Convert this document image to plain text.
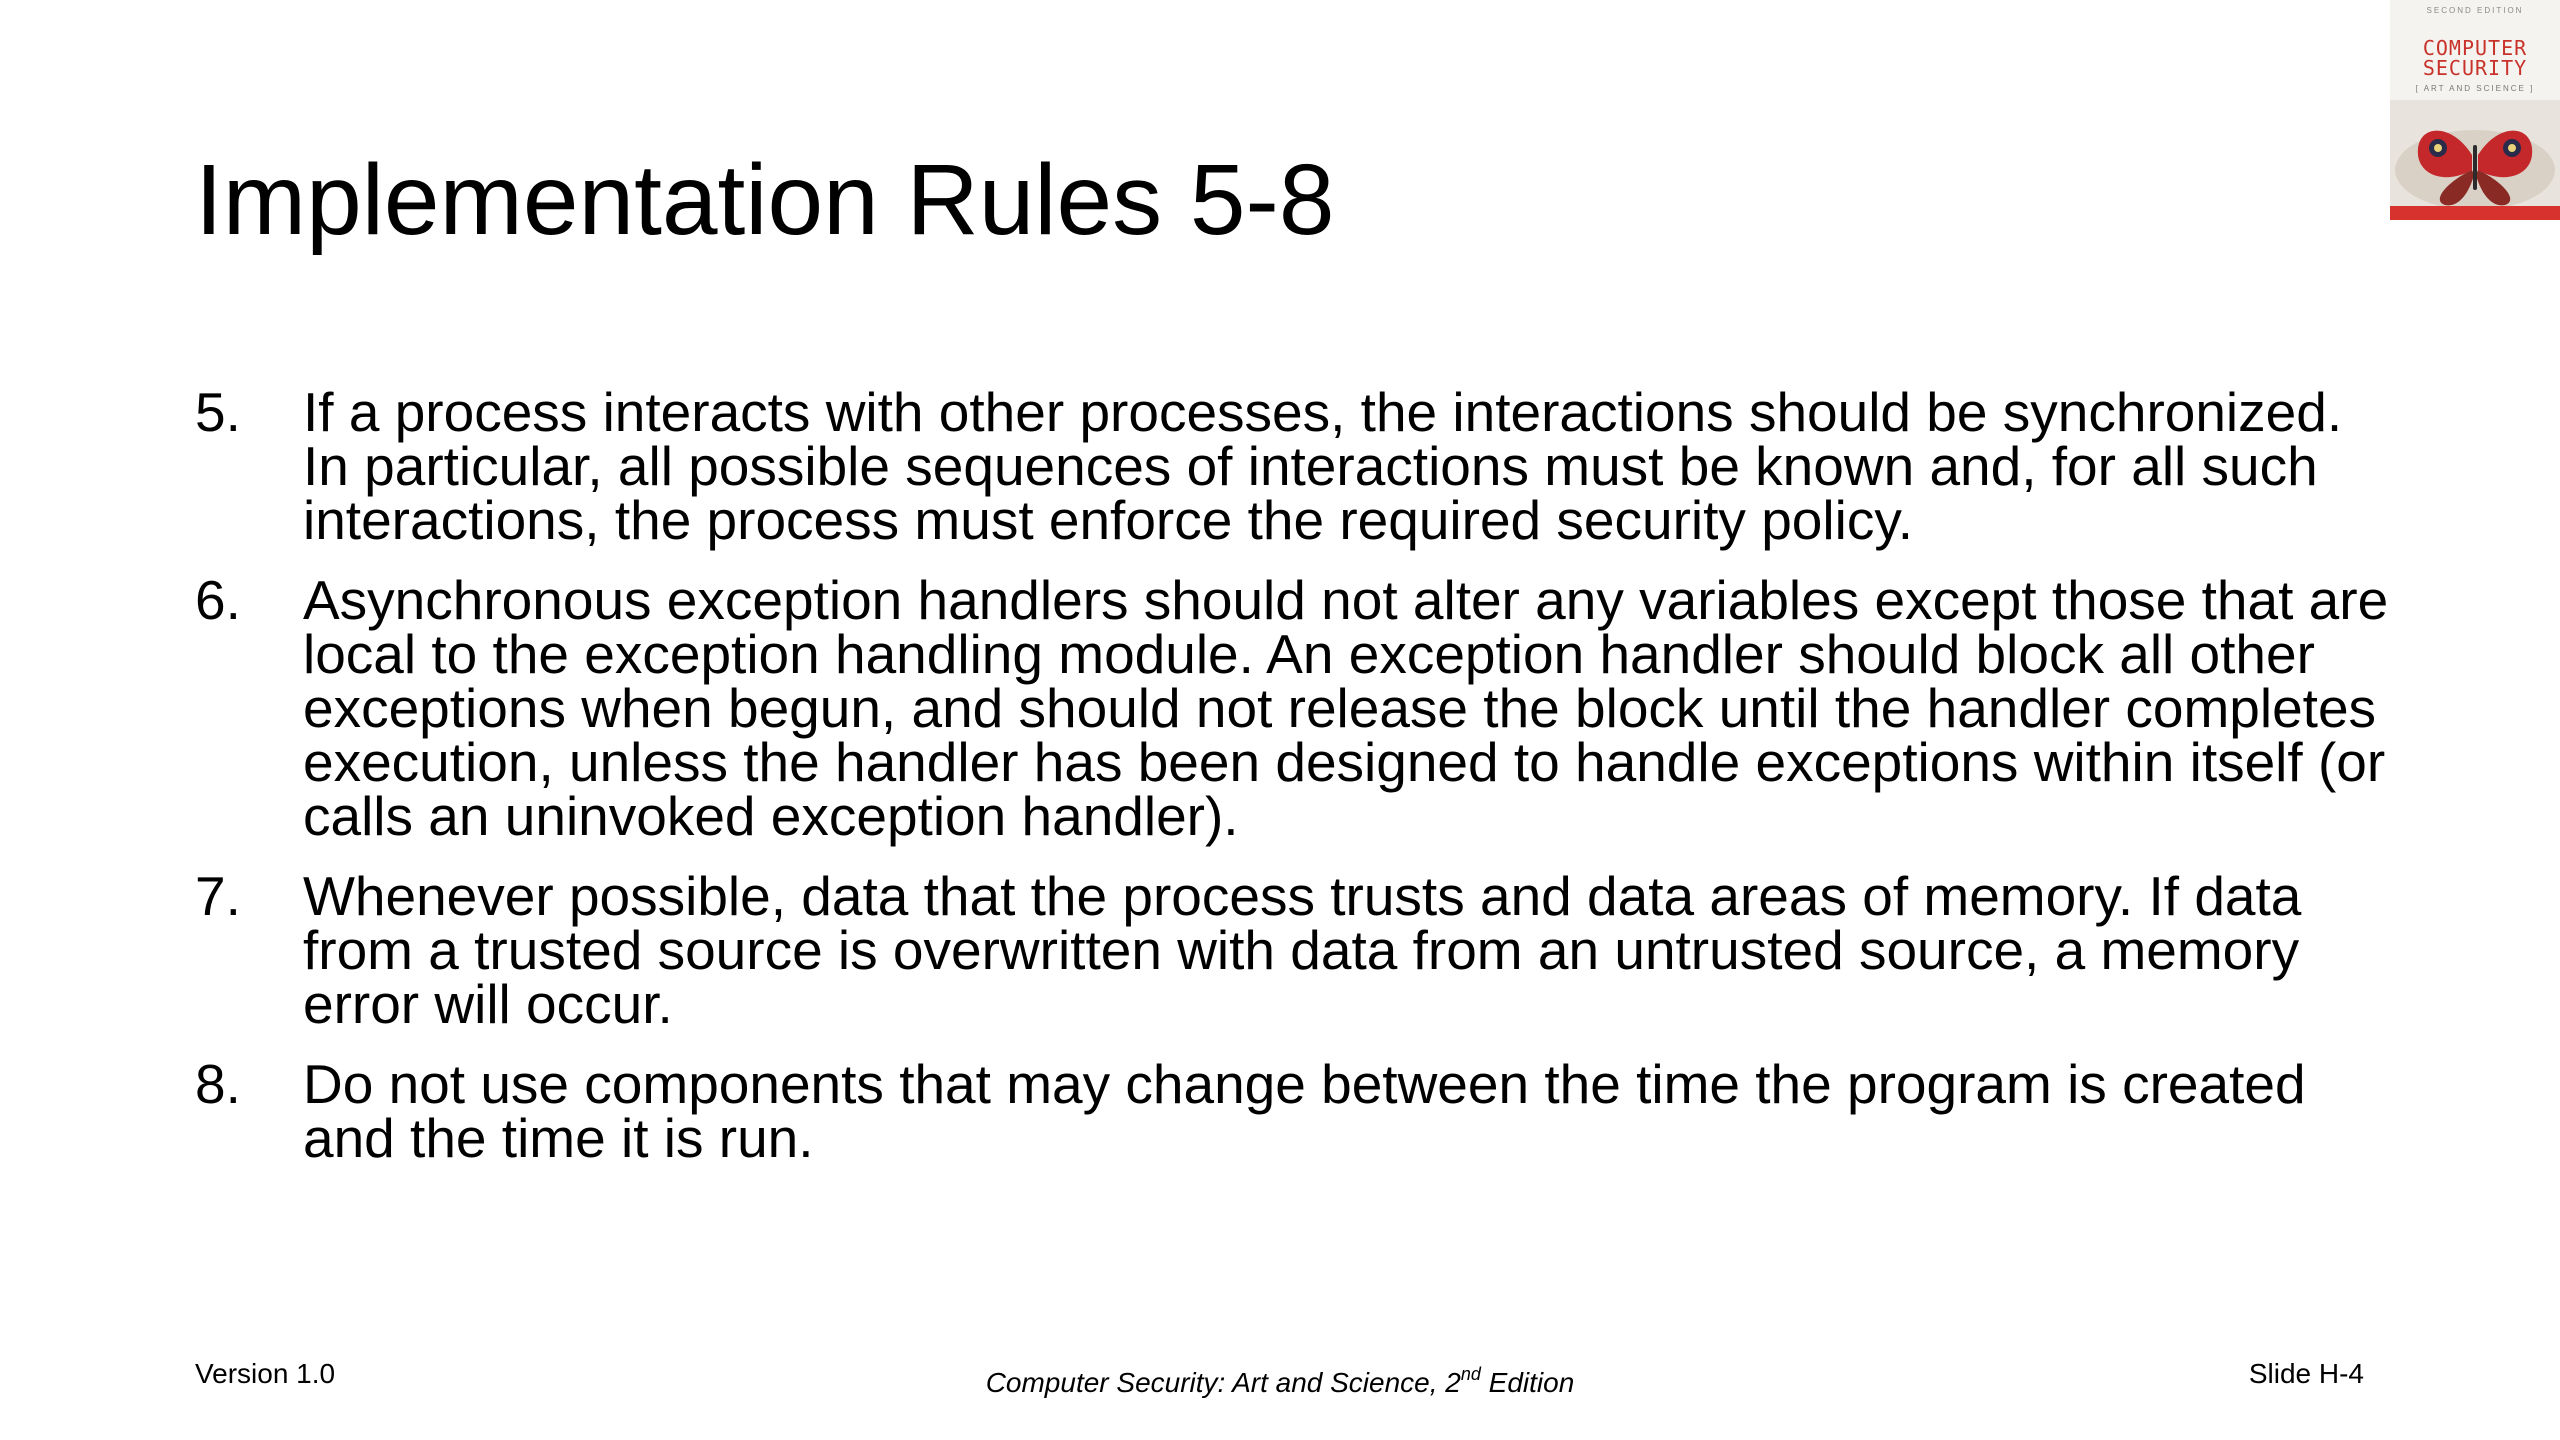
Implementation Rules 5-8
5.	If a process interacts with other processes, the interactions should be synchronized. In particular, all possible sequences of interactions must be known and, for all such interactions, the process must enforce the required security policy.
6.	Asynchronous exception handlers should not alter any variables except those that are local to the exception handling module. An exception handler should block all other exceptions when begun, and should not release the block until the handler completes execution, unless the handler has been designed to handle exceptions within itself (or calls an uninvoked exception handler).
7.	Whenever possible, data that the process trusts and data areas of memory. If data from a trusted source is overwritten with data from an untrusted source, a memory error will occur.
8.	Do not use components that may change between the time the program is created and the time it is run.
Version 1.0	Computer Security: Art and Science, 2nd Edition	Slide H-4
SECOND EDITION
COMPUTER
SECURITY
[ ART AND SCIENCE ]
